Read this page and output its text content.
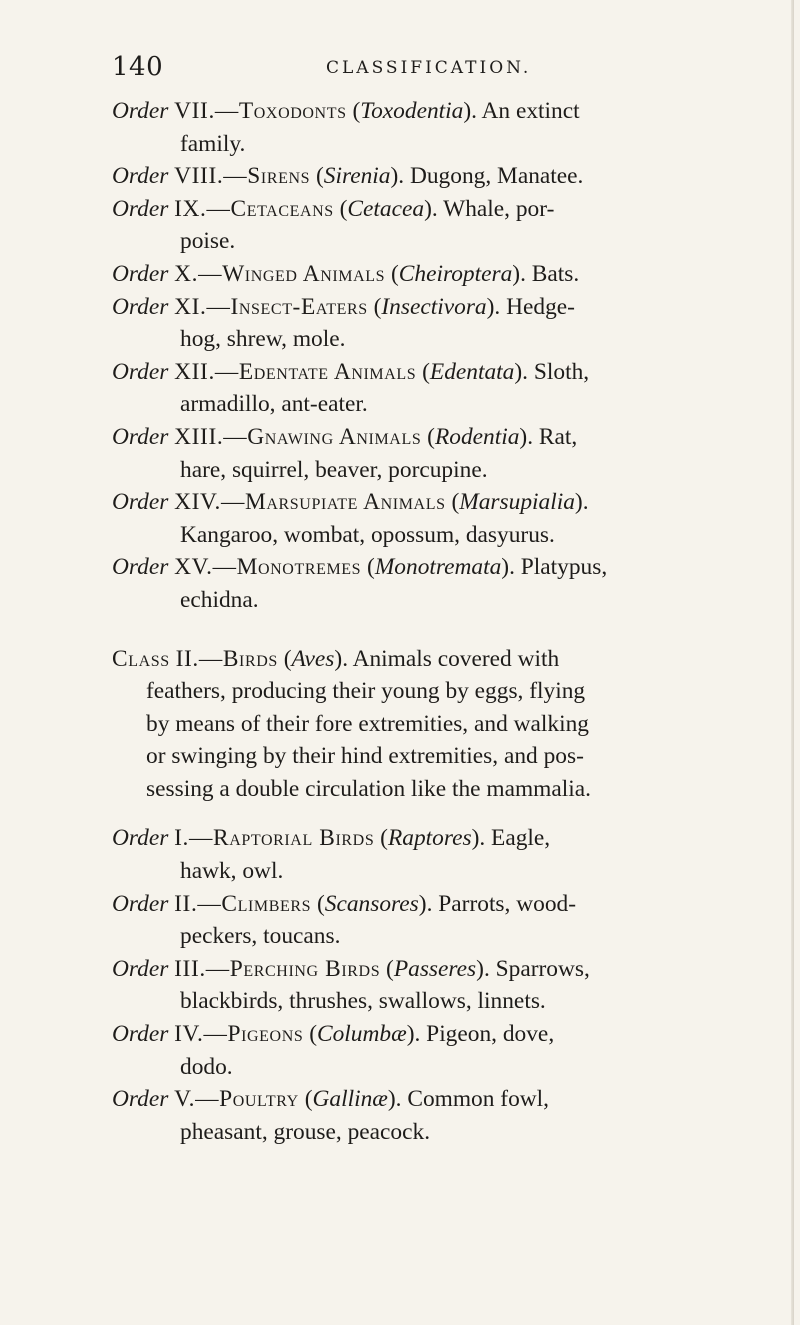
140	CLASSIFICATION.

Order VII.—Toxodonts (Toxodentia). An extinct
family.

Order VIII.—Sirens (Sirenia). Dugong, Manatee.

Order IX.—Cetaceans (Cetacea). Whale, por-
poise.

Order X.—Winged Animals (Cheiroptera). Bats.

Order XI.—Insect-Eaters (Insectivora). Hedge-
hog, shrew, mole.

Order XII.—Edentate Animals (Edentata). Sloth,
armadillo, ant-eater.

Order XIII.—Gnawing Animals (Rodentia). Rat,
hare, squirrel, beaver, porcupine.

Order XIV.—Marsupiate Animals (Marsupialia).
Kangaroo, wombat, opossum, dasyurus.

Order XV.—Monotremes (Monotremata). Platypus,
echidna.

Class II.—Birds (Aves). Animals covered with
feathers, producing their young by eggs, flying
by means of their fore extremities, and walking
or swinging by their hind extremities, and pos-
sessing a double circulation like the mammalia.

Order I.—Raptorial Birds (Raptores). Eagle,
hawk, owl.

Order II.—Climbers (Scansores). Parrots, wood-
peckers, toucans.

Order III.—Perching Birds (Passeres). Sparrows,
blackbirds, thrushes, swallows, linnets.

Order IV.—Pigeons (Columbæ). Pigeon, dove,
dodo.

Order V.—Poultry (Gallinæ). Common fowl,
pheasant, grouse, peacock.
